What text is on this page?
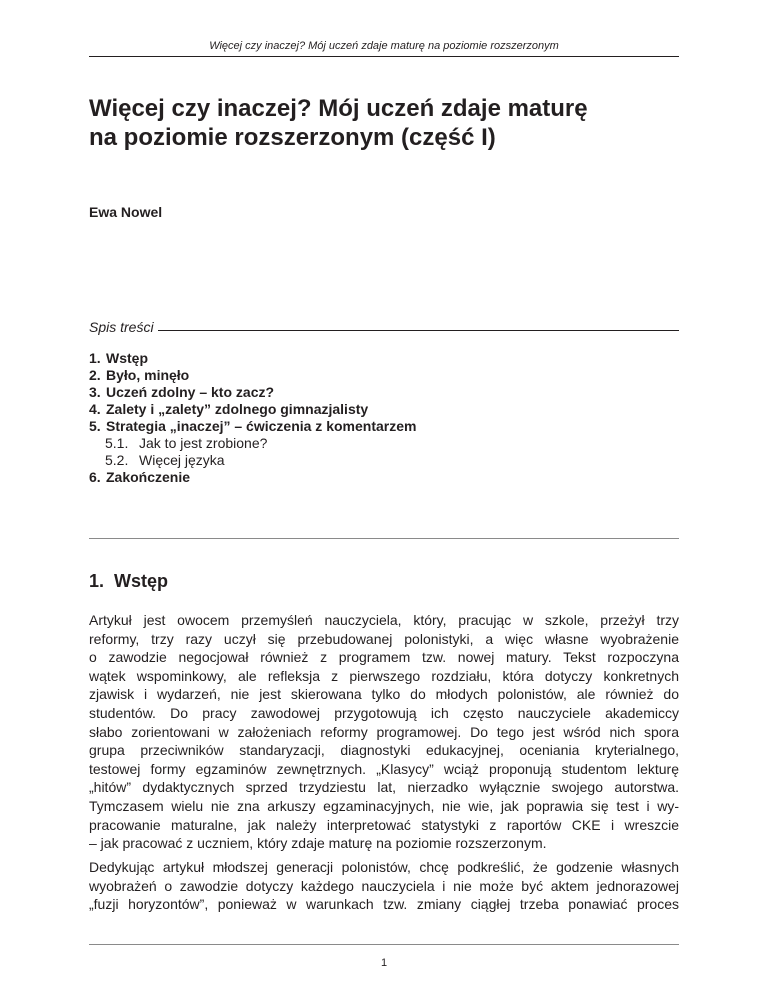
Więcej czy inaczej? Mój uczeń zdaje maturę na poziomie rozszerzonym
Więcej czy inaczej? Mój uczeń zdaje maturę
na poziomie rozszerzonym (część I)
Ewa Nowel
Spis treści
1. Wstęp
2. Było, minęło
3. Uczeń zdolny – kto zacz?
4. Zalety i „zalety” zdolnego gimnazjalisty
5. Strategia „inaczej” – ćwiczenia z komentarzem
5.1. Jak to jest zrobione?
5.2. Więcej języka
6. Zakończenie
1. Wstęp
Artykuł jest owocem przemyśleń nauczyciela, który, pracując w szkole, przeżył trzy
reformy, trzy razy uczył się przebudowanej polonistyki, a więc własne wyobrażenie
o zawodzie negocjował również z programem tzw. nowej matury. Tekst rozpoczyna
wątek wspominkowy, ale refleksja z pierwszego rozdziału, która dotyczy konkretnych
zjawisk i wydarzeń, nie jest skierowana tylko do młodych polonistów, ale również do
studentów. Do pracy zawodowej przygotowują ich często nauczyciele akademiccy
słabo zorientowani w założeniach reformy programowej. Do tego jest wśród nich spora
grupa przeciwników standaryzacji, diagnostyki edukacyjnej, oceniania kryterialnego,
testowej formy egzaminów zewnętrznych. „Klasycy” wciąż proponują studentom lekturę
„hitów” dydaktycznych sprzed trzydziestu lat, nierzadko wyłącznie swojego autorstwa.
Tymczasem wielu nie zna arkuszy egzaminacyjnych, nie wie, jak poprawia się test i wy-
pracowanie maturalne, jak należy interpretować statystyki z raportów CKE i wreszcie
– jak pracować z uczniem, który zdaje maturę na poziomie rozszerzonym.
Dedykując artykuł młodszej generacji polonistów, chcę podkreślić, że godzenie własnych
wyobrażeń o zawodzie dotyczy każdego nauczyciela i nie może być aktem jednorazowej
„fuzji horyzontów”, ponieważ w warunkach tzw. zmiany ciągłej trzeba ponawiać proces
1
